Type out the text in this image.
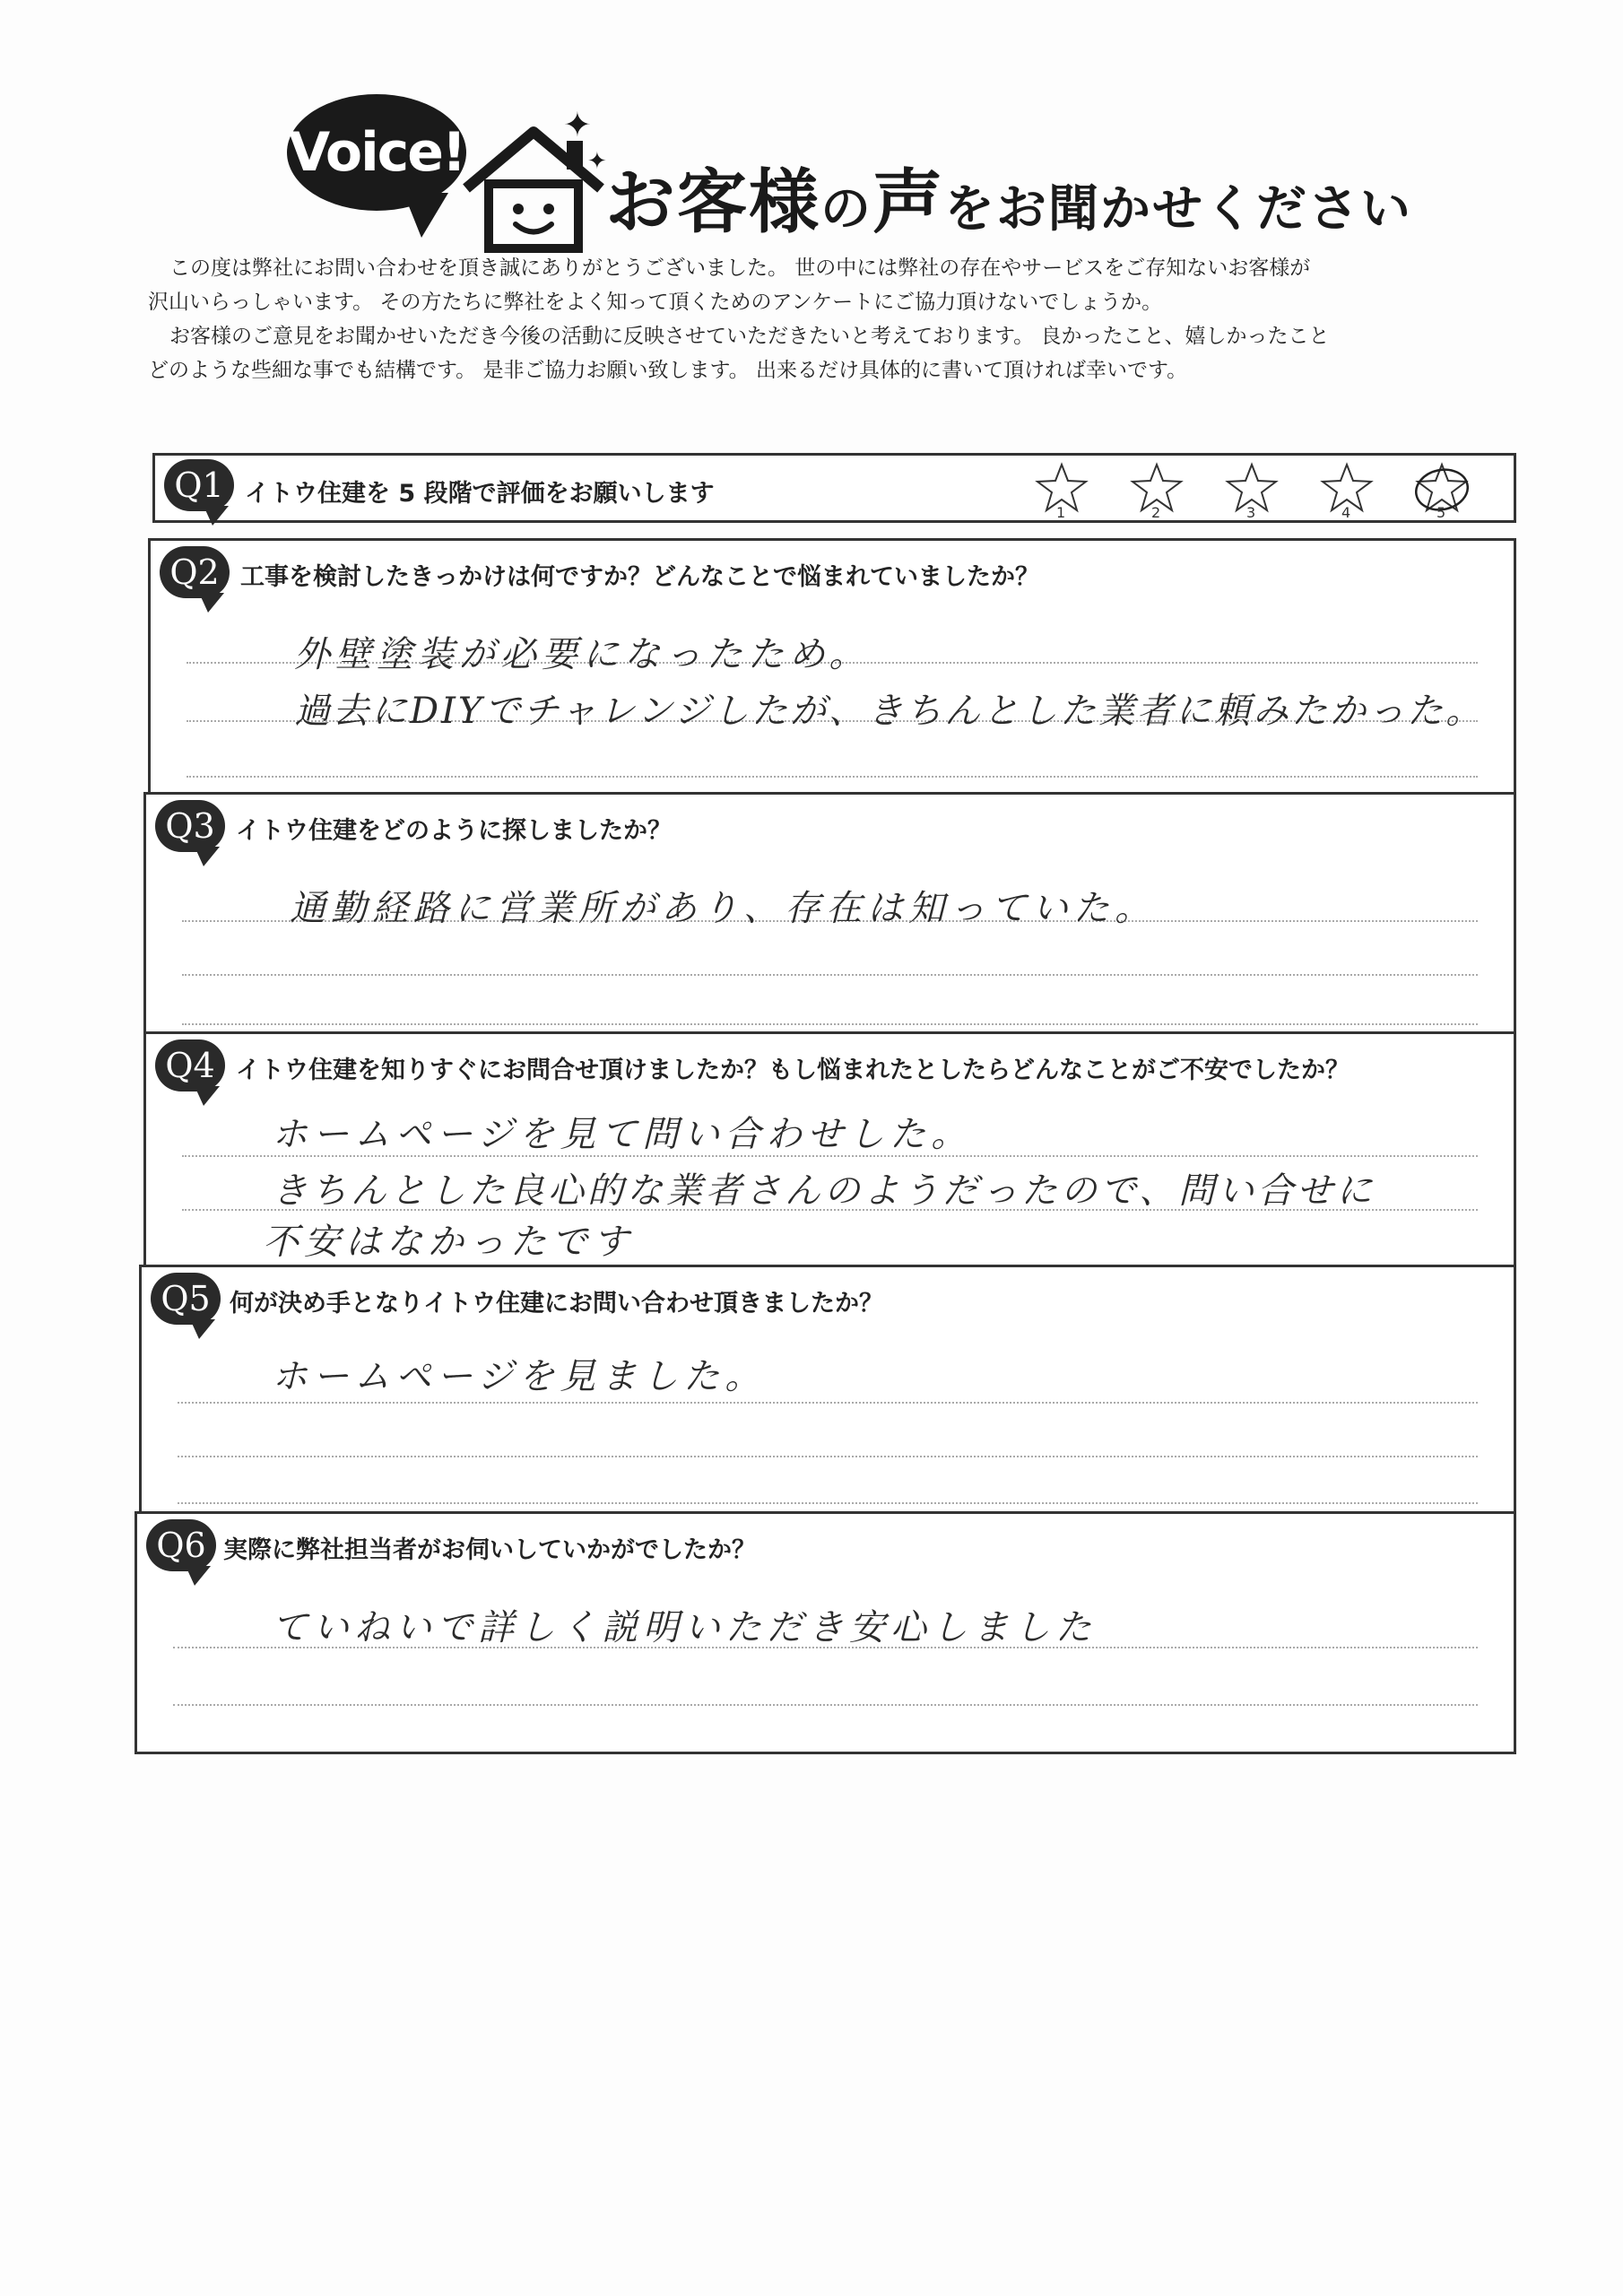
Voice!	✦
✦
お客様の声をお聞かせください

この度は弊社にお問い合わせを頂き誠にありがとうございました。 世の中には弊社の存在やサービスをご存知ないお客様が

沢山いらっしゃいます。 その方たちに弊社をよく知って頂くためのアンケートにご協力頂けないでしょうか。

お客様のご意見をお聞かせいただき今後の活動に反映させていただきたいと考えております。 良かったこと、嬉しかったこと

どのような些細な事でも結構です。 是非ご協力お願い致します。 出来るだけ具体的に書いて頂ければ幸いです。

Q1 イトウ住建を 5 段階で評価をお願いします
1	2	3	4	5
Q2 工事を検討したきっかけは何ですか？どんなことで悩まれていましたか？
外壁塗装が必要になったため。
過去にDIYでチャレンジしたが、きちんとした業者に頼みたかった。
Q3 イトウ住建をどのように探しましたか？
通勤経路に営業所があり、存在は知っていた。
Q4 イトウ住建を知りすぐにお問合せ頂けましたか？もし悩まれたとしたらどんなことがご不安でしたか？
ホームページを見て問い合わせした。
きちんとした良心的な業者さんのようだったので、問い合せに
不安はなかったです
Q5 何が決め手となりイトウ住建にお問い合わせ頂きましたか？
ホームページを見ました。
Q6 実際に弊社担当者がお伺いしていかがでしたか？
ていねいで詳しく説明いただき安心しました
